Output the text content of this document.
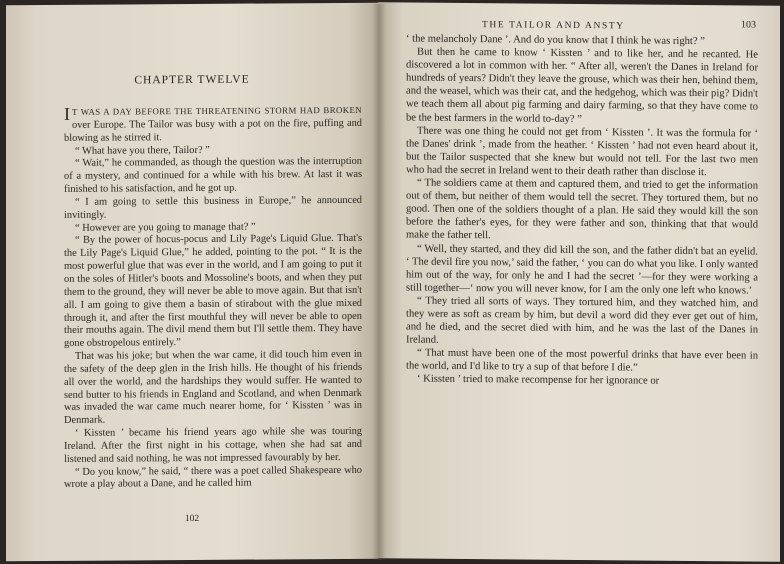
CHAPTER TWELVE

I T WAS A DAY BEFORE THE THREATENING STORM HAD BROKEN over Europe. The Tailor was busy with a pot on the fire, puffing and blowing as he stirred it.

“ What have you there, Tailor? ”

“ Wait,” he commanded, as though the question was the interruption of a mystery, and continued for a while with his brew. At last it was finished to his satisfaction, and he got up.

“ I am going to settle this business in Europe,” he announced invitingly.

“ However are you going to manage that? ”

“ By the power of hocus-pocus and Lily Page's Liquid Glue. That's the Lily Page's Liquid Glue,” he added, pointing to the pot. “ It is the most powerful glue that was ever in the world, and I am going to put it on the soles of Hitler's boots and Mossoline's boots, and when they put them to the ground, they will never be able to move again. But that isn't all. I am going to give them a basin of stirabout with the glue mixed through it, and after the first mouthful they will never be able to open their mouths again. The divil mend them but I'll settle them. They have gone obstropelous entirely.”

That was his joke; but when the war came, it did touch him even in the safety of the deep glen in the Irish hills. He thought of his friends all over the world, and the hardships they would suffer. He wanted to send butter to his friends in England and Scotland, and when Denmark was invaded the war came much nearer home, for ‘ Kissten ’ was in Denmark.

‘ Kissten ’ became his friend years ago while she was touring Ireland. After the first night in his cottage, when she had sat and listened and said nothing, he was not impressed favourably by her.

“ Do you know,” he said, “ there was a poet called Shakespeare who wrote a play about a Dane, and he called him

102
THE TAILOR AND ANSTY	103

‘ the melancholy Dane ’. And do you know that I think he was right? ”

But then he came to know ‘ Kissten ’ and to like her, and he recanted. He discovered a lot in common with her. “ After all, weren't the Danes in Ireland for hundreds of years? Didn't they leave the grouse, which was their hen, behind them, and the weasel, which was their cat, and the hedgehog, which was their pig? Didn't we teach them all about pig farming and dairy farming, so that they have come to be the best farmers in the world to-day? ”

There was one thing he could not get from ‘ Kissten ’. It was the formula for ‘ the Danes' drink ’, made from the heather. ‘ Kissten ’ had not even heard about it, but the Tailor suspected that she knew but would not tell. For the last two men who had the secret in Ireland went to their death rather than disclose it.

“ The soldiers came at them and captured them, and tried to get the information out of them, but neither of them would tell the secret. They tortured them, but no good. Then one of the soldiers thought of a plan. He said they would kill the son before the father's eyes, for they were father and son, thinking that that would make the father tell.

“ Well, they started, and they did kill the son, and the father didn't bat an eyelid. ‘ The devil fire you now,’ said the father, ‘ you can do what you like. I only wanted him out of the way, for only he and I had the secret ’—for they were working a still together—‘ now you will never know, for I am the only one left who knows.’

“ They tried all sorts of ways. They tortured him, and they watched him, and they were as soft as cream by him, but devil a word did they ever get out of him, and he died, and the secret died with him, and he was the last of the Danes in Ireland.

“ That must have been one of the most powerful drinks that have ever been in the world, and I'd like to try a sup of that before I die.”

‘ Kissten ’ tried to make recompense for her ignorance or
